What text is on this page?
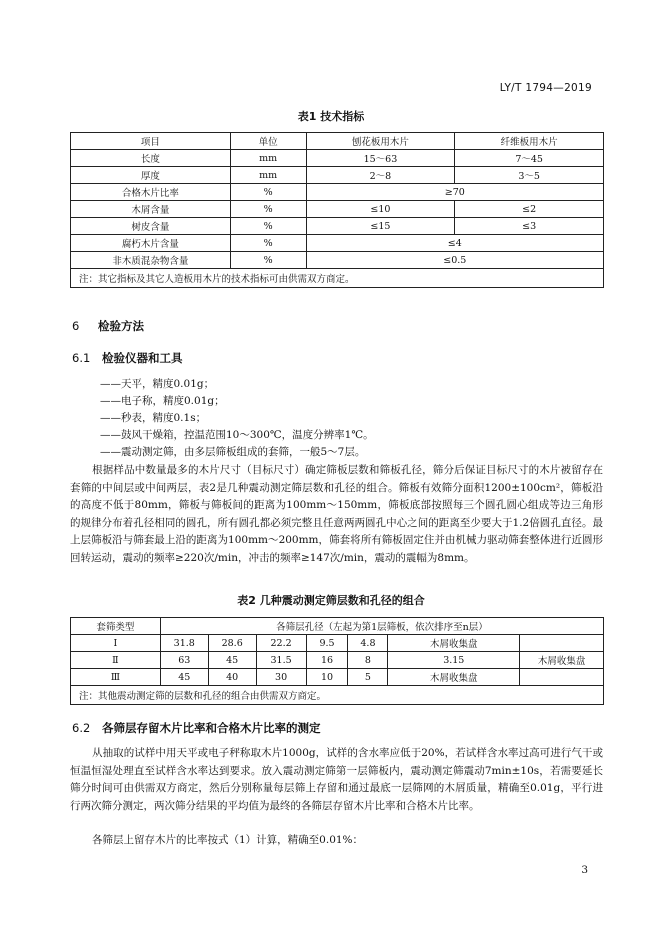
LY/T 1794—2019
表1 技术指标
项目	单位	刨花板用木片	纤维板用木片
长度	mm	15～63	7～45
厚度	mm	2～8	3～5
合格木片比率	%	≥70	
木屑含量	%	≤10	≤2
树皮含量	%	≤15	≤3
腐朽木片含量	%	≤4	
非木质混杂物含量	%	≤0.5	
注：其它指标及其它人造板用木片的技术指标可由供需双方商定。			
6 检验方法
6.1 检验仪器和工具
——天平，精度0.01g；
——电子称，精度0.01g；
——秒表，精度0.1s；
——鼓风干燥箱，控温范围10～300℃，温度分辨率1℃。
——震动测定筛，由多层筛板组成的套筛，一般5～7层。
根据样品中数量最多的木片尺寸（目标尺寸）确定筛板层数和筛板孔径，筛分后保证目标尺寸的木片被留存在套筛的中间层或中间两层，表2是几种震动测定筛层数和孔径的组合。筛板有效筛分面积1200±100cm²，筛板沿的高度不低于80mm，筛板与筛板间的距离为100mm～150mm，筛板底部按照每三个圆孔圆心组成等边三角形的规律分布着孔径相同的圆孔，所有圆孔都必须完整且任意两两圆孔中心之间的距离至少要大于1.2倍圆孔直径。最上层筛板沿与筛套最上沿的距离为100mm～200mm，筛套将所有筛板固定住并由机械力驱动筛套整体进行近圆形回转运动，震动的频率≥220次/min，冲击的频率≥147次/min，震动的震幅为8mm。
表2 几种震动测定筛层数和孔径的组合
套筛类型	各筛层孔径（左起为第1层筛板，依次排序至n层）						
Ⅰ	31.8	28.6	22.2	9.5	4.8	木屑收集盘	
Ⅱ	63	45	31.5	16	8	3.15	木屑收集盘
Ⅲ	45	40	30	10	5	木屑收集盘	
注：其他震动测定筛的层数和孔径的组合由供需双方商定。							
6.2 各筛层存留木片比率和合格木片比率的测定
从抽取的试样中用天平或电子秤称取木片1000g，试样的含水率应低于20%，若试样含水率过高可进行气干或恒温恒湿处理直至试样含水率达到要求。放入震动测定筛第一层筛板内，震动测定筛震动7min±10s，若需要延长筛分时间可由供需双方商定，然后分别称量每层筛上存留和通过最底一层筛网的木屑质量，精确至0.01g，平行进行两次筛分测定，两次筛分结果的平均值为最终的各筛层存留木片比率和合格木片比率。
各筛层上留存木片的比率按式（1）计算，精确至0.01%：
3
